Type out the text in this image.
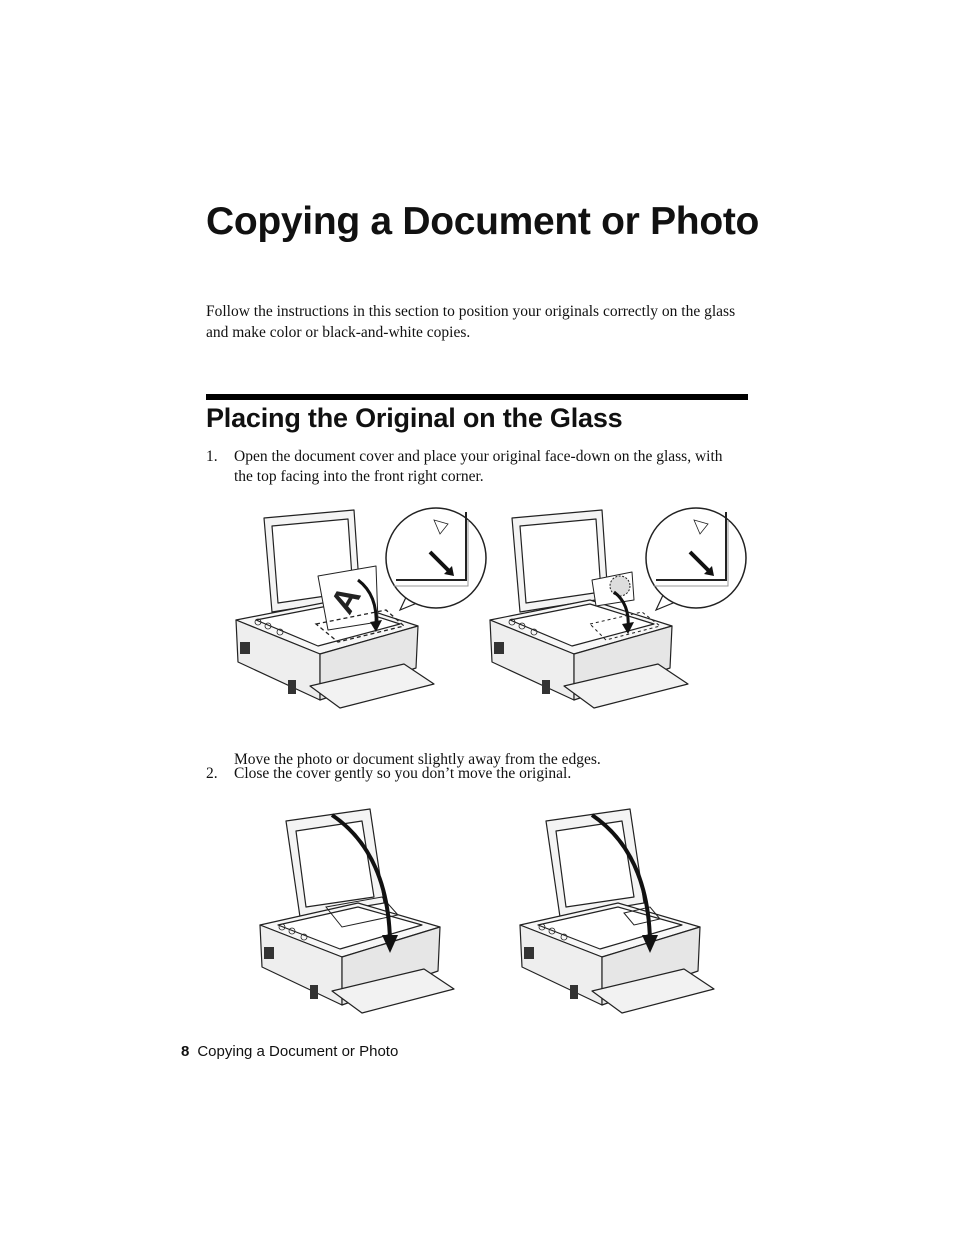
Copying a Document or Photo

Follow the instructions in this section to position your originals correctly on the glass and make color or black-and-white copies.

Placing the Original on the Glass
1. Open the document cover and place your original face-down on the glass, with the top facing into the front right corner.
A

Move the photo or document slightly away from the edges.

2. Close the cover gently so you don’t move the original.
8 Copying a Document or Photo
